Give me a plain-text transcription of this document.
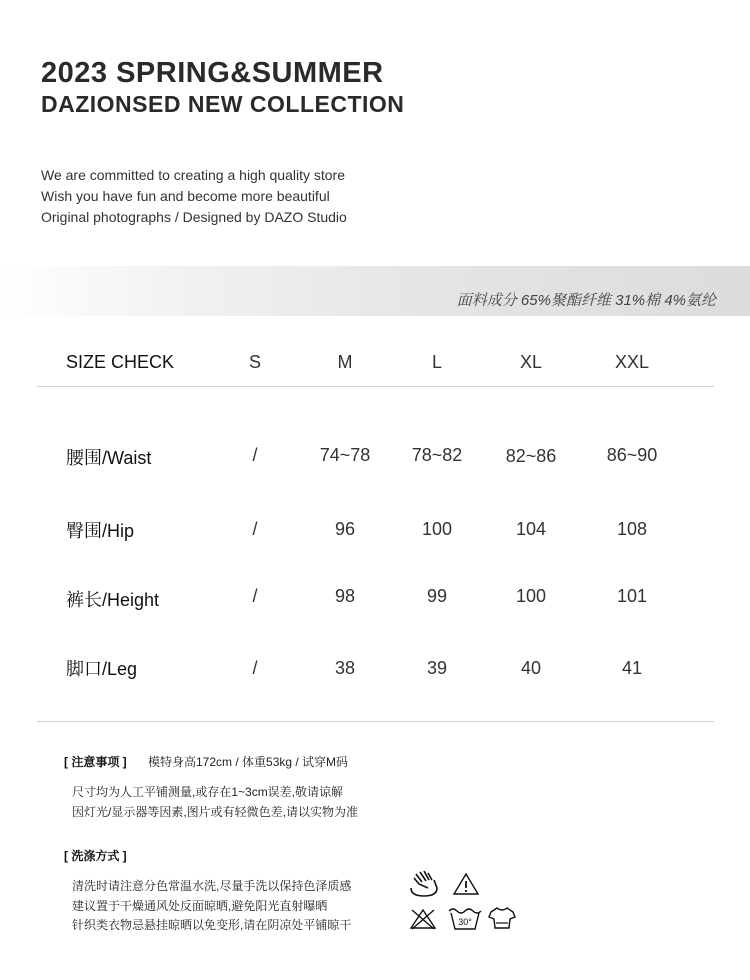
2023 SPRING&SUMMER
DAZIONSED NEW COLLECTION
We are committed to creating a high quality store
Wish you have fun and become more beautiful
Original photographs / Designed by DAZO Studio
面料成分 65%聚酯纤维 31%棉 4%氨纶
SIZE CHECK	S	M	L	XL	XXL
腰围/Waist	/	74~78	78~82	82~86	86~90
臀围/Hip	/	96	100	104	108
裤长/Height	/	98	99	100	101
脚口/Leg	/	38	39	40	41
[ 注意事项 ] 模特身高172cm / 体重53kg / 试穿M码
尺寸均为人工平铺测量,或存在1~3cm误差,敬请谅解
因灯光/显示器等因素,图片或有轻微色差,请以实物为准
[ 洗涤方式 ]
清洗时请注意分色常温水洗,尽量手洗以保持色泽质感
建议置于干燥通风处反面晾晒,避免阳光直射曝晒
针织类衣物忌悬挂晾晒以免变形,请在阴凉处平铺晾干	30°
